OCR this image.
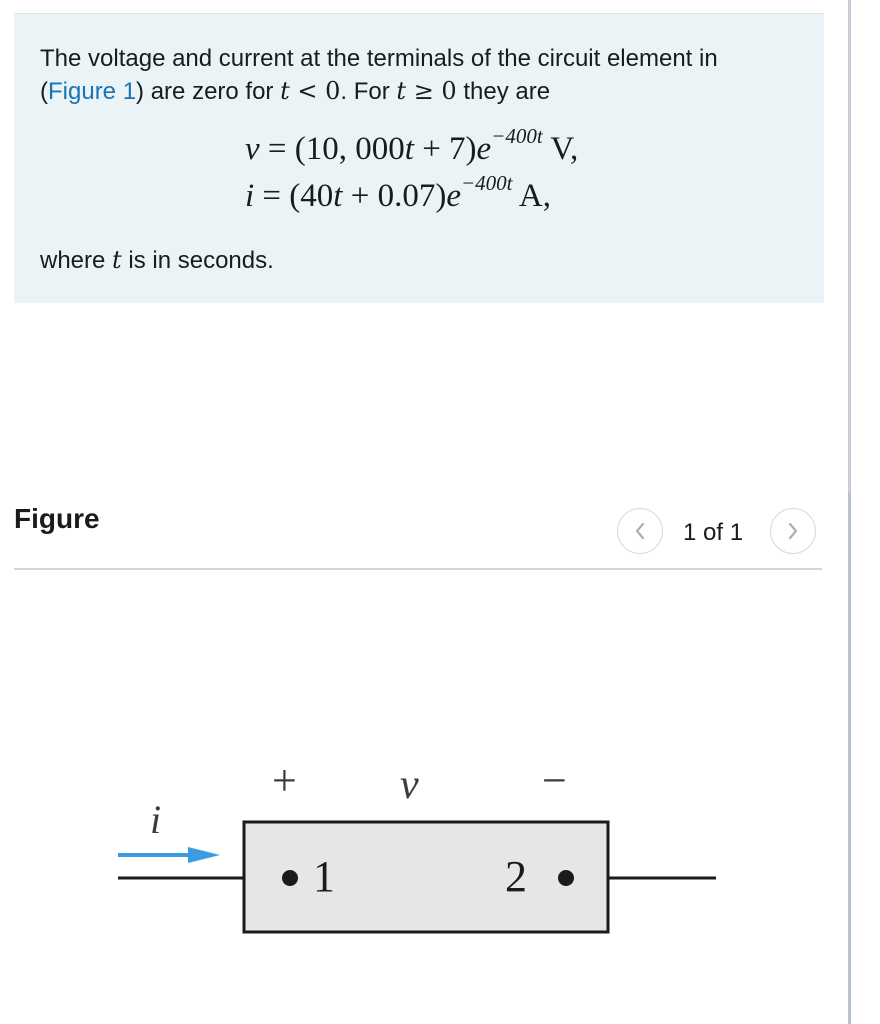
The voltage and current at the terminals of the circuit element in
(Figure 1) are zero for t < 0. For t ≥ 0 they are
v = (10, $000t + 7)e^{-400t}$ V,
$i = (40t + 0.07)e^{-400t}$ A,
where t is in seconds.
Figure	1 of 1
i
+ v	−
1	2
